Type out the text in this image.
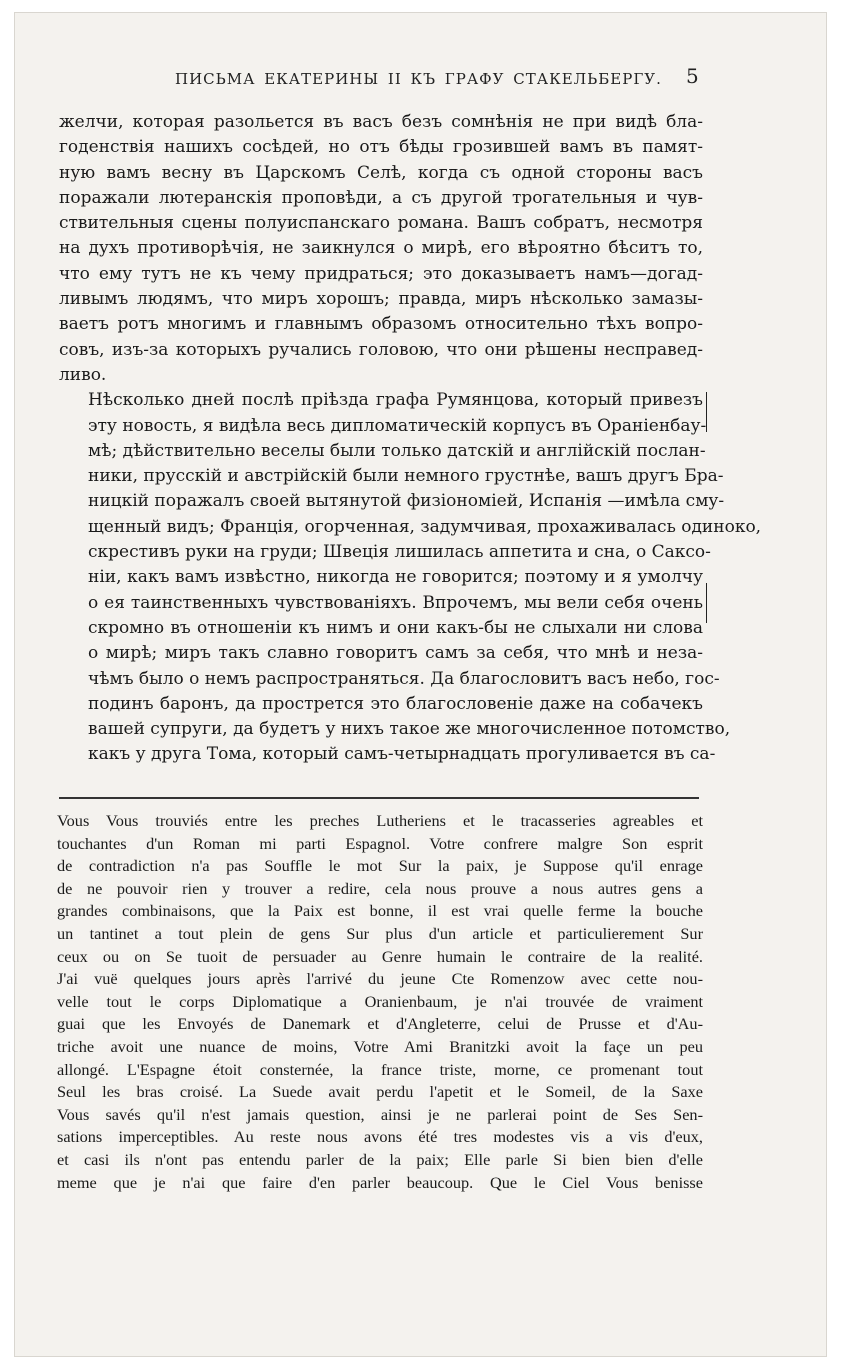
ПИСЬМА ЕКАТЕРИНЫ II КЪ ГРАФУ СТАКЕЛЬБЕРГУ. 5

желчи, которая разольется въ васъ безъ сомнѣнія не при видѣ бла-
годенствія нашихъ сосѣдей, но отъ бѣды грозившей вамъ въ памят-
ную вамъ весну въ Царскомъ Селѣ, когда съ одной стороны васъ
поражали лютеранскія проповѣди, а съ другой трогательныя и чув-
ствительныя сцены полуиспанскаго романа. Вашъ собратъ, несмотря
на духъ противорѣчія, не заикнулся о мирѣ, его вѣроятно бѣситъ то,
что ему тутъ не къ чему придраться; это доказываетъ намъ—догад-
ливымъ людямъ, что миръ хорошъ; правда, миръ нѣсколько замазы-
ваетъ ротъ многимъ и главнымъ образомъ относительно тѣхъ вопро-
совъ, изъ-за которыхъ ручались головою, что они рѣшены несправед-
ливо.

Нѣсколько дней послѣ пріѣзда графа Румянцова, который привезъ
эту новость, я видѣла весь дипломатическій корпусъ въ Ораніенбау-
мѣ; дѣйствительно веселы были только датскій и англійскій послан-
ники, прусскій и австрійскій были немного грустнѣе, вашъ другъ Бра-
ницкій поражалъ своей вытянутой физіономіей, Испанія —имѣла сму-
щенный видъ; Франція, огорченная, задумчивая, прохаживалась одиноко,
скрестивъ руки на груди; Швеція лишилась аппетита и сна, о Саксо-
ніи, какъ вамъ извѣстно, никогда не говорится; поэтому и я умолчу
о ея таинственныхъ чувствованіяхъ. Впрочемъ, мы вели себя очень
скромно въ отношеніи къ нимъ и они какъ-бы не слыхали ни слова
о мирѣ; миръ такъ славно говоритъ самъ за себя, что мнѣ и неза-
чѣмъ было о немъ распространяться. Да благословитъ васъ небо, гос-
подинъ баронъ, да прострется это благословеніе даже на собачекъ
вашей супруги, да будетъ у нихъ такое же многочисленное потомство,
какъ у друга Тома, который самъ-четырнадцать прогуливается въ са-

Vous Vous trouviés entre les preches Lutheriens et le tracasseries agreables et
touchantes d'un Roman mi parti Espagnol. Votre confrere malgre Son esprit
de contradiction n'a pas Souffle le mot Sur la paix, je Suppose qu'il enrage
de ne pouvoir rien y trouver a redire, cela nous prouve a nous autres gens a
grandes combinaisons, que la Paix est bonne, il est vrai quelle ferme la bouche
un tantinet a tout plein de gens Sur plus d'un article et particulierement Sur
ceux ou on Se tuoit de persuader au Genre humain le contraire de la realité.
J'ai vuë quelques jours après l'arrivé du jeune Cte Romenzow avec cette nou-
velle tout le corps Diplomatique a Oranienbaum, je n'ai trouvée de vraiment
guai que les Envoyés de Danemark et d'Angleterre, celui de Prusse et d'Au-
triche avoit une nuance de moins, Votre Ami Branitzki avoit la façe un peu
allongé. L'Espagne étoit consternée, la france triste, morne, ce promenant tout
Seul les bras croisé. La Suede avait perdu l'apetit et le Someil, de la Saxe
Vous savés qu'il n'est jamais question, ainsi je ne parlerai point de Ses Sen-
sations imperceptibles. Au reste nous avons été tres modestes vis a vis d'eux,
et casi ils n'ont pas entendu parler de la paix; Elle parle Si bien bien d'elle
meme que je n'ai que faire d'en parler beaucoup. Que le Ciel Vous benisse
